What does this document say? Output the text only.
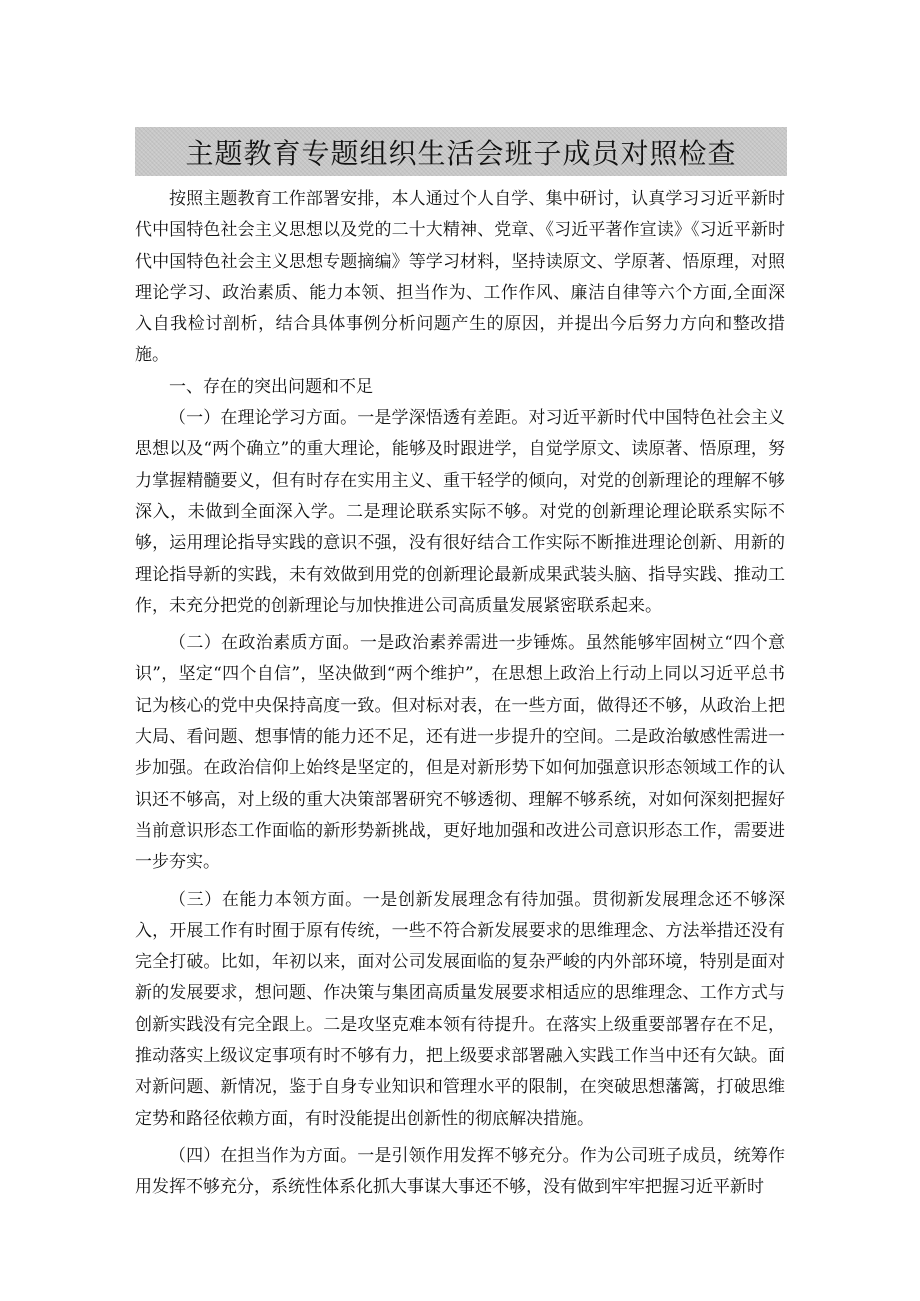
主题教育专题组织生活会班子成员对照检查

按照主题教育工作部署安排，本人通过个人自学、集中研讨，认真学习习近平新时代中国特色社会主义思想以及党的二十大精神、党章、《习近平著作宣读》《习近平新时代中国特色社会主义思想专题摘编》等学习材料，坚持读原文、学原著、悟原理，对照理论学习、政治素质、能力本领、担当作为、工作作风、廉洁自律等六个方面,全面深入自我检讨剖析，结合具体事例分析问题产生的原因，并提出今后努力方向和整改措施。

一、存在的突出问题和不足

（一）在理论学习方面。一是学深悟透有差距。对习近平新时代中国特色社会主义思想以及“两个确立”的重大理论，能够及时跟进学，自觉学原文、读原著、悟原理，努力掌握精髓要义，但有时存在实用主义、重干轻学的倾向，对党的创新理论的理解不够深入，未做到全面深入学。二是理论联系实际不够。对党的创新理论理论联系实际不够，运用理论指导实践的意识不强，没有很好结合工作实际不断推进理论创新、用新的理论指导新的实践，未有效做到用党的创新理论最新成果武装头脑、指导实践、推动工作，未充分把党的创新理论与加快推进公司高质量发展紧密联系起来。

（二）在政治素质方面。一是政治素养需进一步锤炼。虽然能够牢固树立“四个意识”，坚定“四个自信”，坚决做到“两个维护”，在思想上政治上行动上同以习近平总书记为核心的党中央保持高度一致。但对标对表，在一些方面，做得还不够，从政治上把大局、看问题、想事情的能力还不足，还有进一步提升的空间。二是政治敏感性需进一步加强。在政治信仰上始终是坚定的，但是对新形势下如何加强意识形态领域工作的认识还不够高，对上级的重大决策部署研究不够透彻、理解不够系统，对如何深刻把握好当前意识形态工作面临的新形势新挑战，更好地加强和改进公司意识形态工作，需要进一步夯实。

（三）在能力本领方面。一是创新发展理念有待加强。贯彻新发展理念还不够深入，开展工作有时囿于原有传统，一些不符合新发展要求的思维理念、方法举措还没有完全打破。比如，年初以来，面对公司发展面临的复杂严峻的内外部环境，特别是面对新的发展要求，想问题、作决策与集团高质量发展要求相适应的思维理念、工作方式与创新实践没有完全跟上。二是攻坚克难本领有待提升。在落实上级重要部署存在不足，推动落实上级议定事项有时不够有力，把上级要求部署融入实践工作当中还有欠缺。面对新问题、新情况，鉴于自身专业知识和管理水平的限制，在突破思想藩篱，打破思维定势和路径依赖方面，有时没能提出创新性的彻底解决措施。

（四）在担当作为方面。一是引领作用发挥不够充分。作为公司班子成员，统筹作用发挥不够充分，系统性体系化抓大事谋大事还不够，没有做到牢牢把握习近平新时
